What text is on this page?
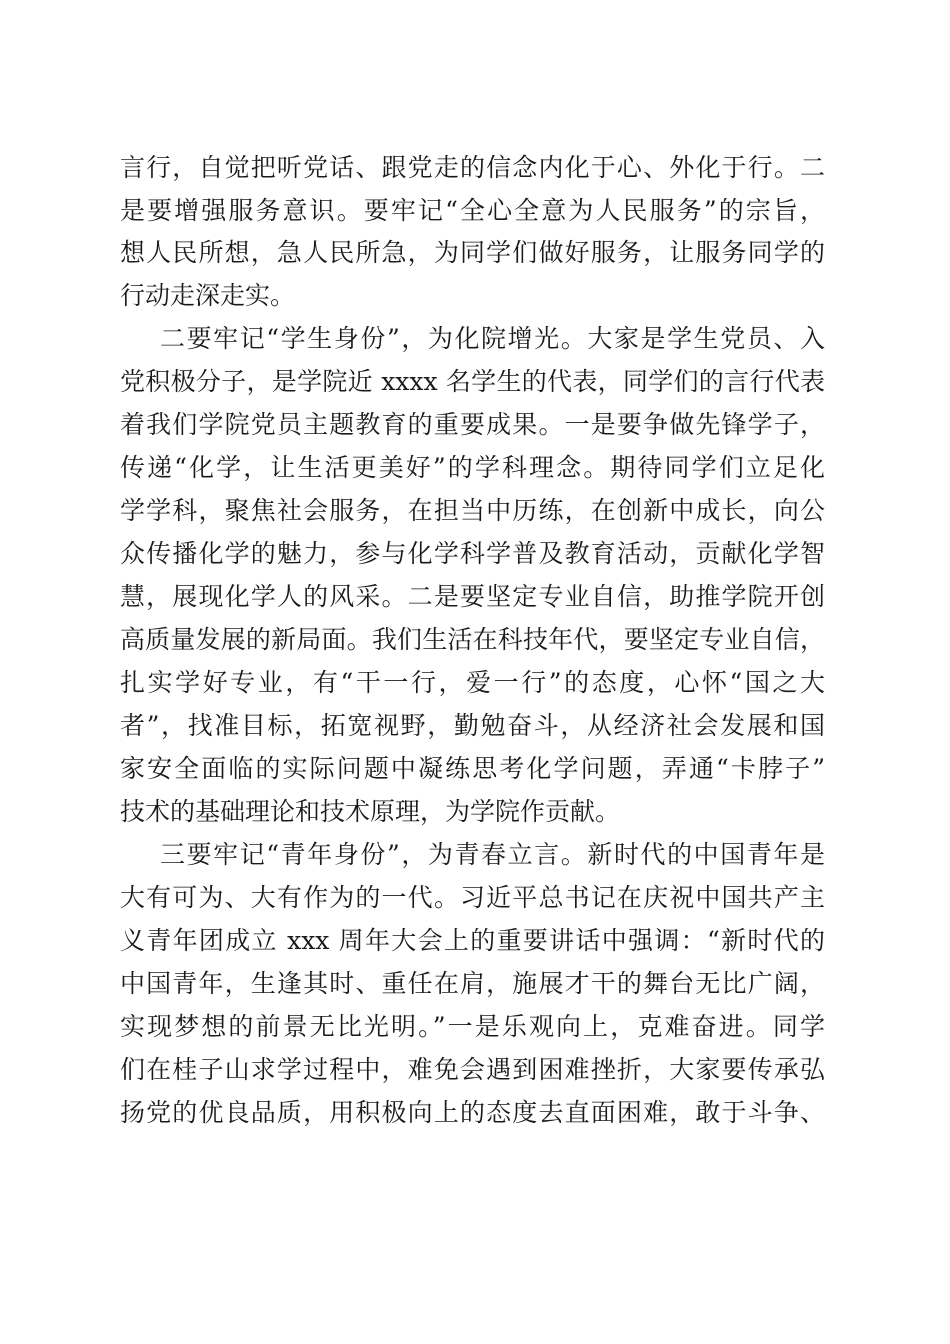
言行，自觉把听党话、跟党走的信念内化于心、外化于行。二
是要增强服务意识。要牢记“全心全意为人民服务”的宗旨，
想人民所想，急人民所急，为同学们做好服务，让服务同学的
行动走深走实。
二要牢记“学生身份”，为化院增光。大家是学生党员、入
党积极分子，是学院近 xxxx 名学生的代表，同学们的言行代表
着我们学院党员主题教育的重要成果。一是要争做先锋学子，
传递“化学，让生活更美好”的学科理念。期待同学们立足化
学学科，聚焦社会服务，在担当中历练，在创新中成长，向公
众传播化学的魅力，参与化学科学普及教育活动，贡献化学智
慧，展现化学人的风采。二是要坚定专业自信，助推学院开创
高质量发展的新局面。我们生活在科技年代，要坚定专业自信，
扎实学好专业，有“干一行，爱一行”的态度，心怀“国之大
者”，找准目标，拓宽视野，勤勉奋斗，从经济社会发展和国
家安全面临的实际问题中凝练思考化学问题，弄通“卡脖子”
技术的基础理论和技术原理，为学院作贡献。
三要牢记“青年身份”，为青春立言。新时代的中国青年是
大有可为、大有作为的一代。习近平总书记在庆祝中国共产主
义青年团成立 xxx 周年大会上的重要讲话中强调：“新时代的
中国青年，生逢其时、重任在肩，施展才干的舞台无比广阔，
实现梦想的前景无比光明。”一是乐观向上，克难奋进。同学
们在桂子山求学过程中，难免会遇到困难挫折，大家要传承弘
扬党的优良品质，用积极向上的态度去直面困难，敢于斗争、
